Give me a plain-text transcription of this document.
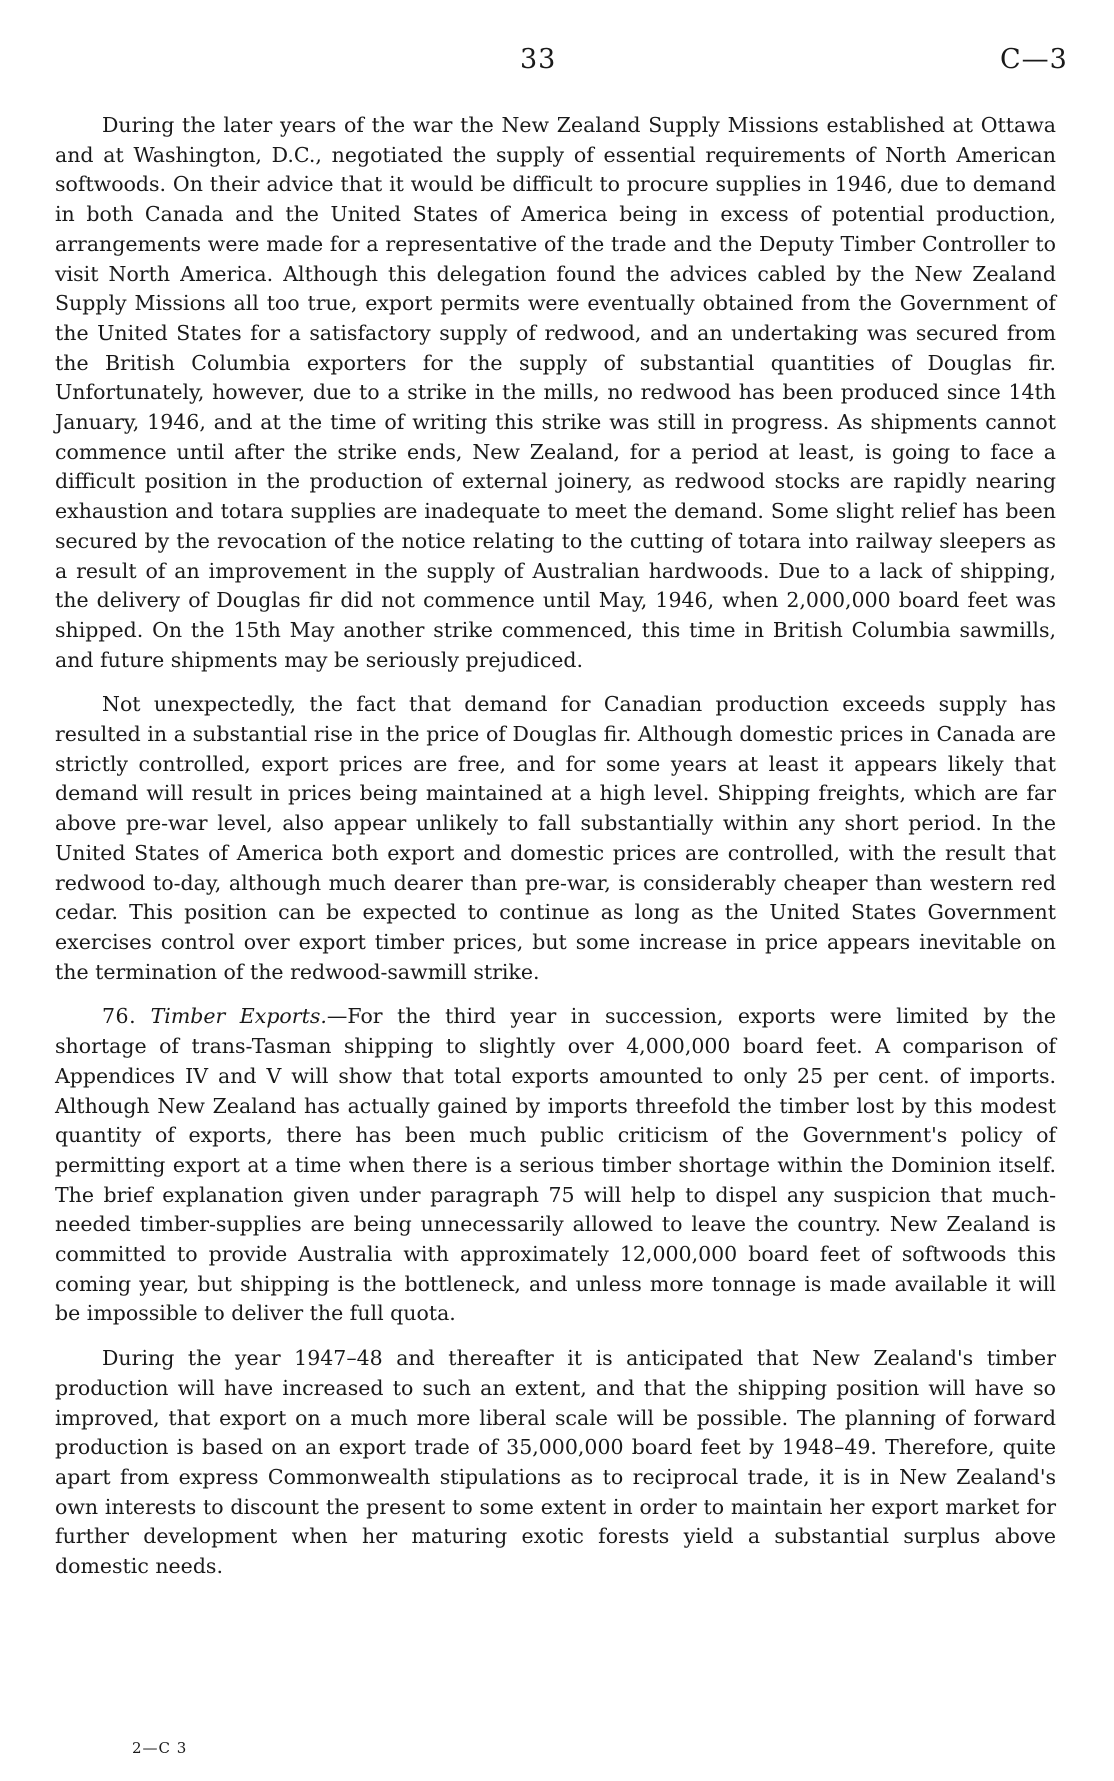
33	C—3

During the later years of the war the New Zealand Supply Missions established at Ottawa and at Washington, D.C., negotiated the supply of essential requirements of North American softwoods. On their advice that it would be difficult to procure supplies in 1946, due to demand in both Canada and the United States of America being in excess of potential production, arrangements were made for a representative of the trade and the Deputy Timber Controller to visit North America. Although this delegation found the advices cabled by the New Zealand Supply Missions all too true, export permits were eventually obtained from the Government of the United States for a satisfactory supply of redwood, and an undertaking was secured from the British Columbia exporters for the supply of substantial quantities of Douglas fir. Unfortunately, however, due to a strike in the mills, no redwood has been produced since 14th January, 1946, and at the time of writing this strike was still in progress. As shipments cannot commence until after the strike ends, New Zealand, for a period at least, is going to face a difficult position in the production of external joinery, as redwood stocks are rapidly nearing exhaustion and totara supplies are inadequate to meet the demand. Some slight relief has been secured by the revocation of the notice relating to the cutting of totara into railway sleepers as a result of an improvement in the supply of Australian hardwoods. Due to a lack of shipping, the delivery of Douglas fir did not commence until May, 1946, when 2,000,000 board feet was shipped. On the 15th May another strike commenced, this time in British Columbia sawmills, and future shipments may be seriously prejudiced.

Not unexpectedly, the fact that demand for Canadian production exceeds supply has resulted in a substantial rise in the price of Douglas fir. Although domestic prices in Canada are strictly controlled, export prices are free, and for some years at least it appears likely that demand will result in prices being maintained at a high level. Shipping freights, which are far above pre-war level, also appear unlikely to fall substantially within any short period. In the United States of America both export and domestic prices are controlled, with the result that redwood to-day, although much dearer than pre-war, is considerably cheaper than western red cedar. This position can be expected to continue as long as the United States Government exercises control over export timber prices, but some increase in price appears inevitable on the termination of the redwood-sawmill strike.

76. Timber Exports.—For the third year in succession, exports were limited by the shortage of trans-Tasman shipping to slightly over 4,000,000 board feet. A comparison of Appendices IV and V will show that total exports amounted to only 25 per cent. of imports. Although New Zealand has actually gained by imports threefold the timber lost by this modest quantity of exports, there has been much public criticism of the Government's policy of permitting export at a time when there is a serious timber shortage within the Dominion itself. The brief explanation given under paragraph 75 will help to dispel any suspicion that much-needed timber-supplies are being unnecessarily allowed to leave the country. New Zealand is committed to provide Australia with approximately 12,000,000 board feet of softwoods this coming year, but shipping is the bottleneck, and unless more tonnage is made available it will be impossible to deliver the full quota.

During the year 1947–48 and thereafter it is anticipated that New Zealand's timber production will have increased to such an extent, and that the shipping position will have so improved, that export on a much more liberal scale will be possible. The planning of forward production is based on an export trade of 35,000,000 board feet by 1948–49. Therefore, quite apart from express Commonwealth stipulations as to reciprocal trade, it is in New Zealand's own interests to discount the present to some extent in order to maintain her export market for further development when her maturing exotic forests yield a substantial surplus above domestic needs.

2—C 3
